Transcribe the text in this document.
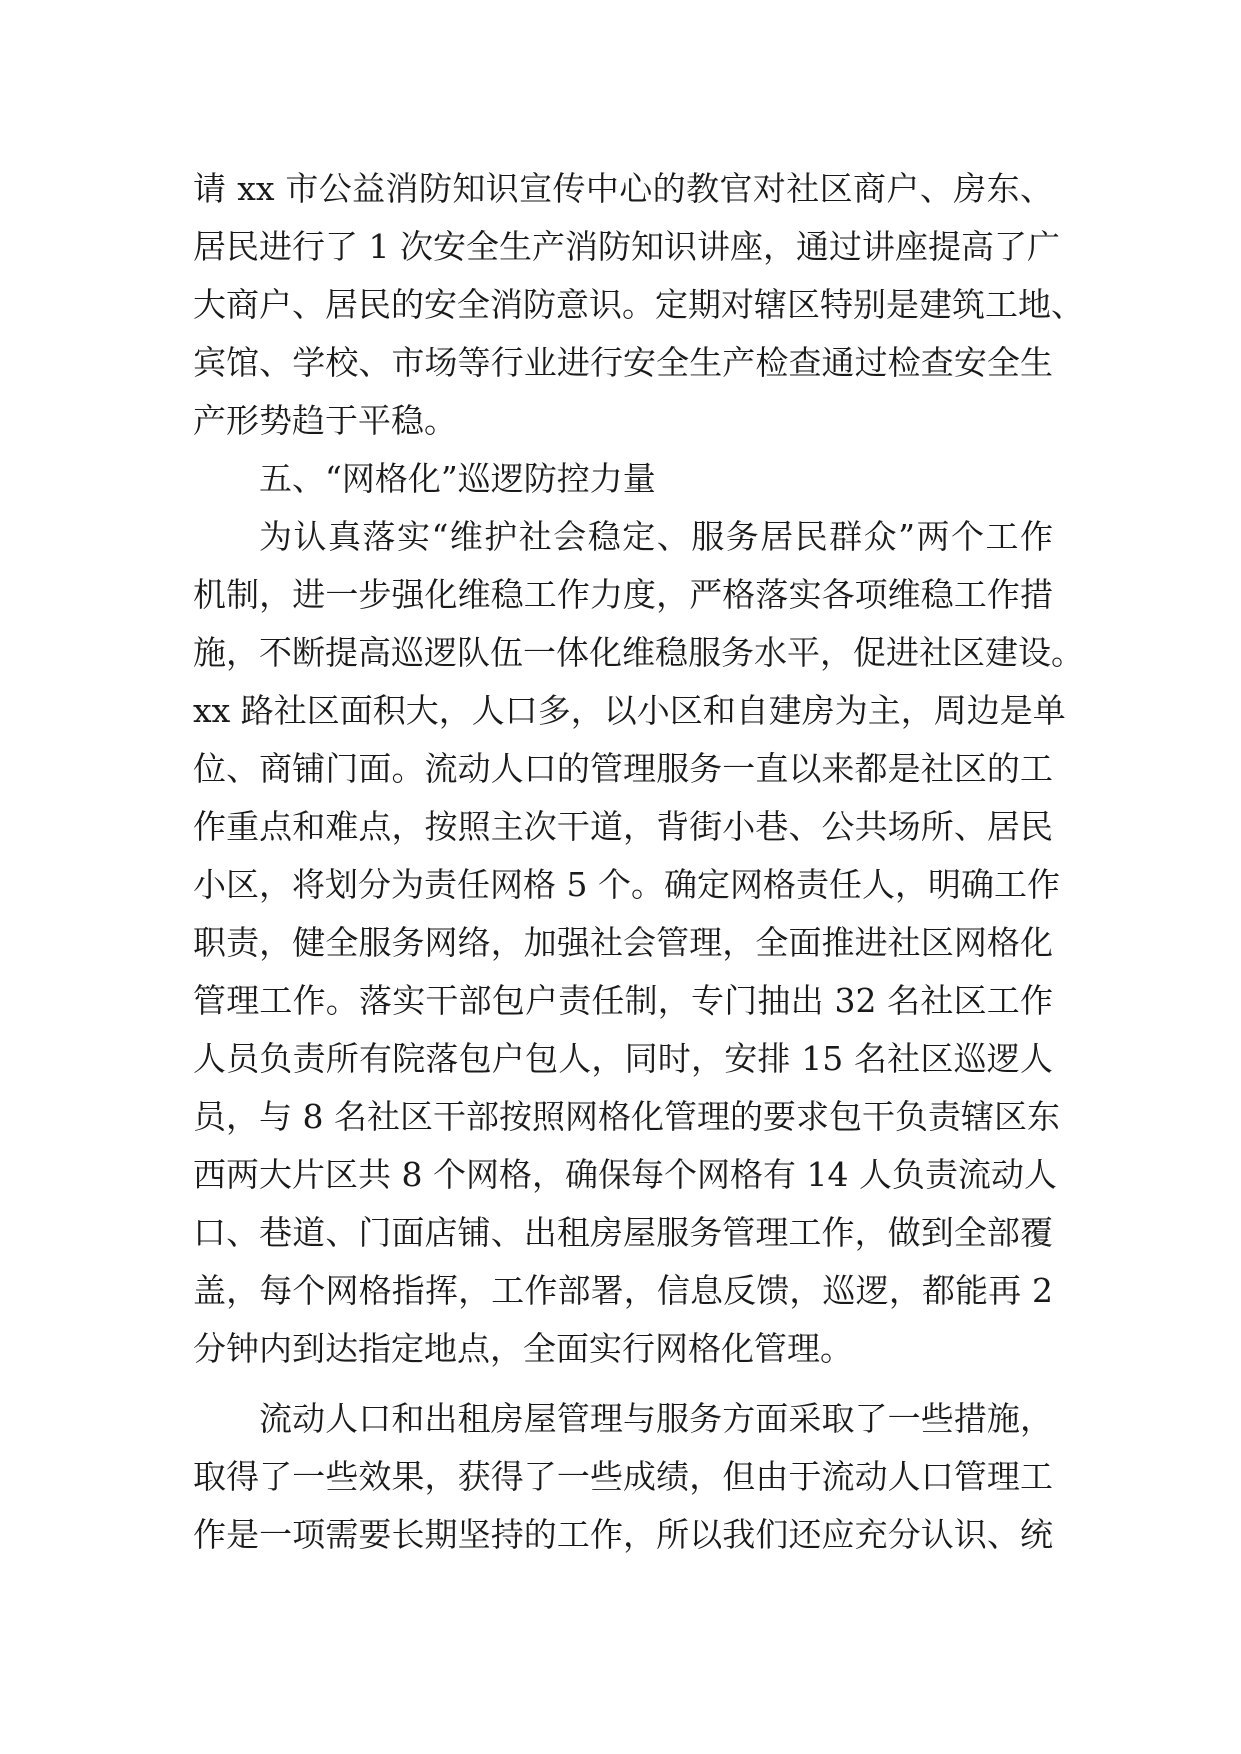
请 xx 市公益消防知识宣传中心的教官对社区商户、房东、
居民进行了 1 次安全生产消防知识讲座，通过讲座提高了广
大商户、居民的安全消防意识。定期对辖区特别是建筑工地、
宾馆、学校、市场等行业进行安全生产检查通过检查安全生
产形势趋于平稳。
五、“网格化”巡逻防控力量
为认真落实“维护社会稳定、服务居民群众”两个工作
机制，进一步强化维稳工作力度，严格落实各项维稳工作措
施，不断提高巡逻队伍一体化维稳服务水平，促进社区建设。
xx 路社区面积大，人口多，以小区和自建房为主，周边是单
位、商铺门面。流动人口的管理服务一直以来都是社区的工
作重点和难点，按照主次干道，背街小巷、公共场所、居民
小区，将划分为责任网格 5 个。确定网格责任人，明确工作
职责，健全服务网络，加强社会管理，全面推进社区网格化
管理工作。落实干部包户责任制，专门抽出 32 名社区工作
人员负责所有院落包户包人，同时，安排 15 名社区巡逻人
员，与 8 名社区干部按照网格化管理的要求包干负责辖区东
西两大片区共 8 个网格，确保每个网格有 14 人负责流动人
口、巷道、门面店铺、出租房屋服务管理工作，做到全部覆
盖，每个网格指挥，工作部署，信息反馈，巡逻，都能再 2
分钟内到达指定地点，全面实行网格化管理。
流动人口和出租房屋管理与服务方面采取了一些措施，
取得了一些效果，获得了一些成绩，但由于流动人口管理工
作是一项需要长期坚持的工作，所以我们还应充分认识、统
